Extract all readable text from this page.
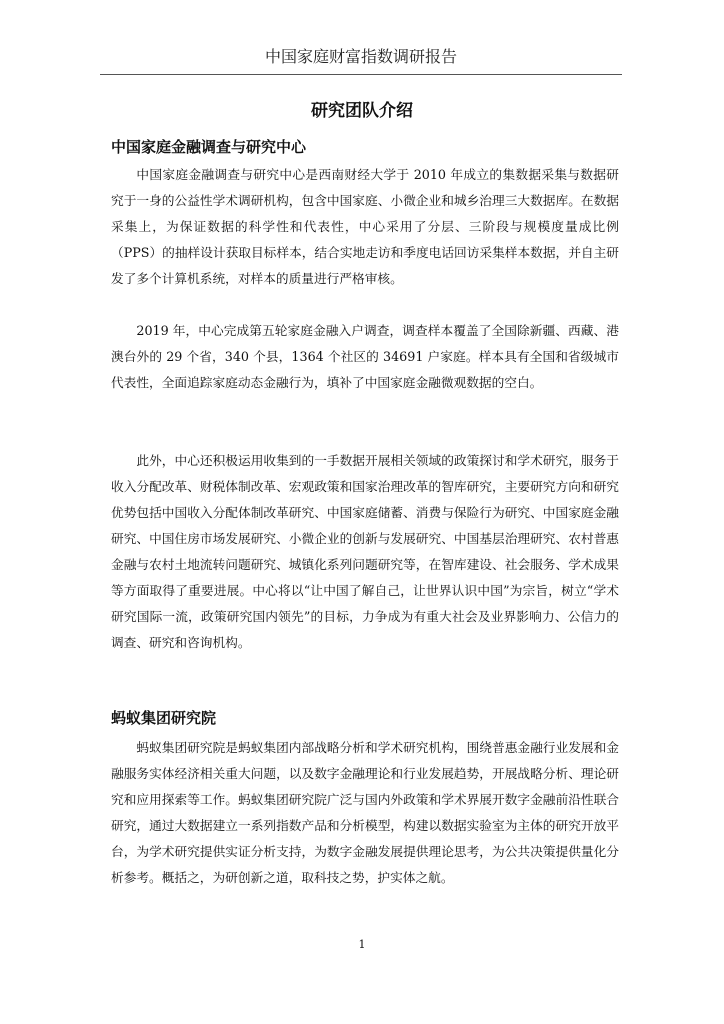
中国家庭财富指数调研报告
研究团队介绍
中国家庭金融调查与研究中心

中国家庭金融调查与研究中心是西南财经大学于 2010 年成立的集数据采集与数据研究于一身的公益性学术调研机构，包含中国家庭、小微企业和城乡治理三大数据库。在数据采集上，为保证数据的科学性和代表性，中心采用了分层、三阶段与规模度量成比例（PPS）的抽样设计获取目标样本，结合实地走访和季度电话回访采集样本数据，并自主研发了多个计算机系统，对样本的质量进行严格审核。

2019 年，中心完成第五轮家庭金融入户调查，调查样本覆盖了全国除新疆、西藏、港澳台外的 29 个省，340 个县，1364 个社区的 34691 户家庭。样本具有全国和省级城市代表性，全面追踪家庭动态金融行为，填补了中国家庭金融微观数据的空白。

此外，中心还积极运用收集到的一手数据开展相关领域的政策探讨和学术研究，服务于收入分配改革、财税体制改革、宏观政策和国家治理改革的智库研究，主要研究方向和研究优势包括中国收入分配体制改革研究、中国家庭储蓄、消费与保险行为研究、中国家庭金融研究、中国住房市场发展研究、小微企业的创新与发展研究、中国基层治理研究、农村普惠金融与农村土地流转问题研究、城镇化系列问题研究等，在智库建设、社会服务、学术成果等方面取得了重要进展。中心将以“让中国了解自己，让世界认识中国”为宗旨，树立“学术研究国际一流，政策研究国内领先”的目标，力争成为有重大社会及业界影响力、公信力的调查、研究和咨询机构。

蚂蚁集团研究院

蚂蚁集团研究院是蚂蚁集团内部战略分析和学术研究机构，围绕普惠金融行业发展和金融服务实体经济相关重大问题，以及数字金融理论和行业发展趋势，开展战略分析、理论研究和应用探索等工作。蚂蚁集团研究院广泛与国内外政策和学术界展开数字金融前沿性联合研究，通过大数据建立一系列指数产品和分析模型，构建以数据实验室为主体的研究开放平台，为学术研究提供实证分析支持，为数字金融发展提供理论思考，为公共决策提供量化分析参考。概括之，为研创新之道，取科技之势，护实体之航。

1
